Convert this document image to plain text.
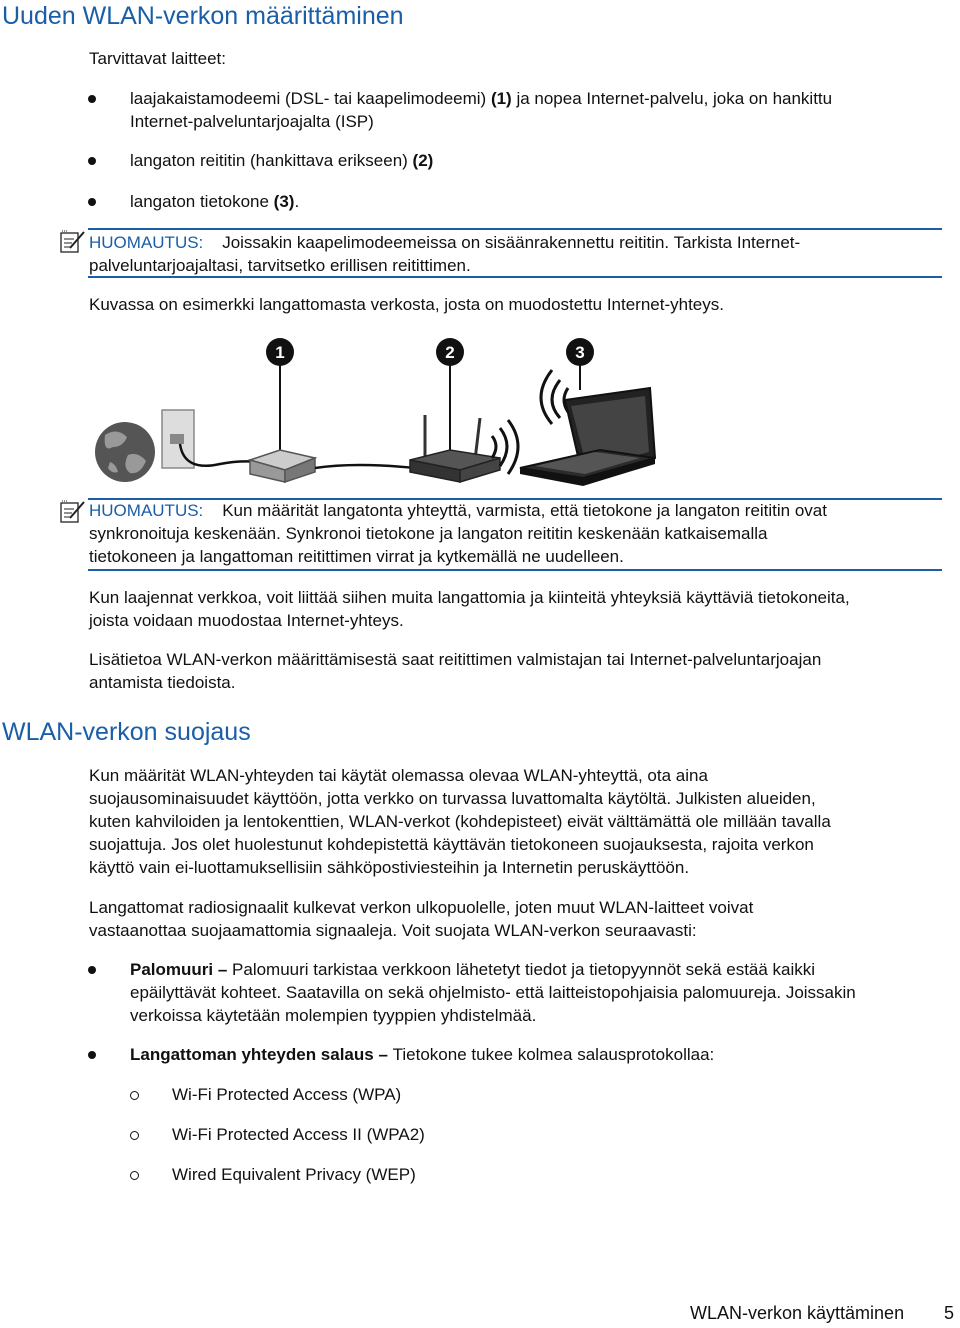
Uuden WLAN-verkon määrittäminen
Tarvittavat laitteet:
laajakaistamodeemi (DSL- tai kaapelimodeemi) (1) ja nopea Internet-palvelu, joka on hankittu
Internet-palveluntarjoajalta (ISP)
langaton reititin (hankittava erikseen) (2)
langaton tietokone (3).
HUOMAUTUS: Joissakin kaapelimodeemeissa on sisäänrakennettu reititin. Tarkista Internet-
palveluntarjoajaltasi, tarvitsetko erillisen reitittimen.
Kuvassa on esimerkki langattomasta verkosta, josta on muodostettu Internet-yhteys.
1	2	3
HUOMAUTUS: Kun määrität langatonta yhteyttä, varmista, että tietokone ja langaton reititin ovat
synkronoituja keskenään. Synkronoi tietokone ja langaton reititin keskenään katkaisemalla
tietokoneen ja langattoman reitittimen virrat ja kytkemällä ne uudelleen.
Kun laajennat verkkoa, voit liittää siihen muita langattomia ja kiinteitä yhteyksiä käyttäviä tietokoneita,
joista voidaan muodostaa Internet-yhteys.
Lisätietoa WLAN-verkon määrittämisestä saat reitittimen valmistajan tai Internet-palveluntarjoajan
antamista tiedoista.
WLAN-verkon suojaus
Kun määrität WLAN-yhteyden tai käytät olemassa olevaa WLAN-yhteyttä, ota aina
suojausominaisuudet käyttöön, jotta verkko on turvassa luvattomalta käytöltä. Julkisten alueiden,
kuten kahviloiden ja lentokenttien, WLAN-verkot (kohdepisteet) eivät välttämättä ole millään tavalla
suojattuja. Jos olet huolestunut kohdepistettä käyttävän tietokoneen suojauksesta, rajoita verkon
käyttö vain ei-luottamuksellisiin sähköpostiviesteihin ja Internetin peruskäyttöön.
Langattomat radiosignaalit kulkevat verkon ulkopuolelle, joten muut WLAN-laitteet voivat
vastaanottaa suojaamattomia signaaleja. Voit suojata WLAN-verkon seuraavasti:
Palomuuri – Palomuuri tarkistaa verkkoon lähetetyt tiedot ja tietopyynnöt sekä estää kaikki
epäilyttävät kohteet. Saatavilla on sekä ohjelmisto- että laitteistopohjaisia palomuureja. Joissakin
verkoissa käytetään molempien tyyppien yhdistelmää.
Langattoman yhteyden salaus – Tietokone tukee kolmea salausprotokollaa:
Wi-Fi Protected Access (WPA)
Wi-Fi Protected Access II (WPA2)
Wired Equivalent Privacy (WEP)
WLAN-verkon käyttäminen 5
